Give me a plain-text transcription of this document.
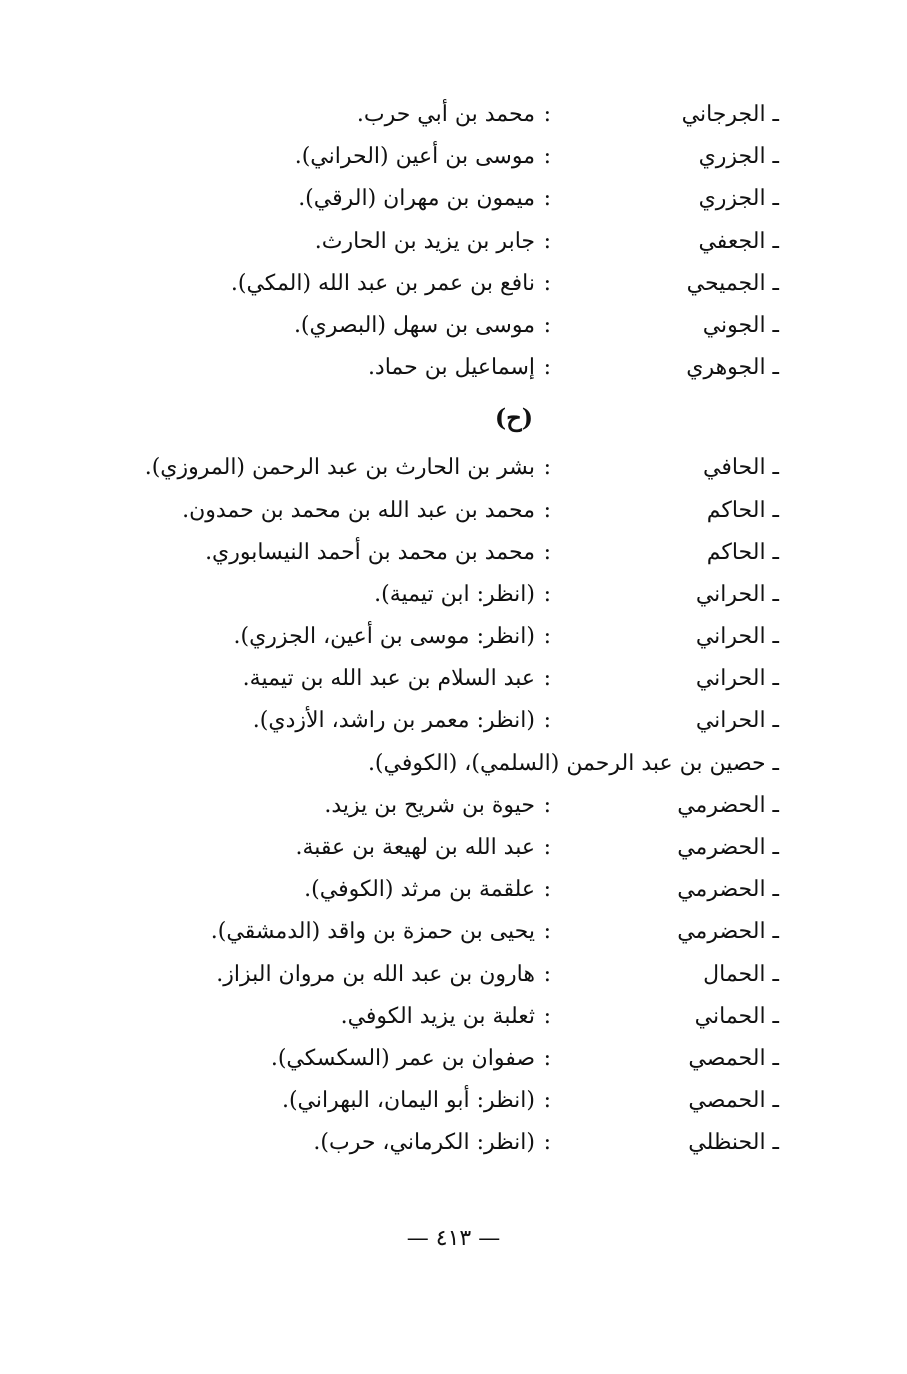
ـ الجرجاني
:
محمد بن أبي حرب.
ـ الجزري
:
موسى بن أعين (الحراني).
ـ الجزري
:
ميمون بن مهران (الرقي).
ـ الجعفي
:
جابر بن يزيد بن الحارث.
ـ الجميحي
:
نافع بن عمر بن عبد الله (المكي).
ـ الجوني
:
موسى بن سهل (البصري).
ـ الجوهري
:
إسماعيل بن حماد.
(ح)
ـ الحافي
:
بشر بن الحارث بن عبد الرحمن (المروزي).
ـ الحاكم
:
محمد بن عبد الله بن محمد بن حمدون.
ـ الحاكم
:
محمد بن محمد بن أحمد النيسابوري.
ـ الحراني
:
(انظر: ابن تيمية).
ـ الحراني
:
(انظر: موسى بن أعين، الجزري).
ـ الحراني
:
عبد السلام بن عبد الله بن تيمية.
ـ الحراني
:
(انظر: معمر بن راشد، الأزدي).
ـ حصين بن عبد الرحمن (السلمي)، (الكوفي).
ـ الحضرمي
:
حيوة بن شريح بن يزيد.
ـ الحضرمي
:
عبد الله بن لهيعة بن عقبة.
ـ الحضرمي
:
علقمة بن مرثد (الكوفي).
ـ الحضرمي
:
يحيى بن حمزة بن واقد (الدمشقي).
ـ الحمال
:
هارون بن عبد الله بن مروان البزاز.
ـ الحماني
:
ثعلبة بن يزيد الكوفي.
ـ الحمصي
:
صفوان بن عمر (السكسكي).
ـ الحمصي
:
(انظر: أبو اليمان، البهراني).
ـ الحنظلي
:
(انظر: الكرماني، حرب).
— ٤١٣ —
